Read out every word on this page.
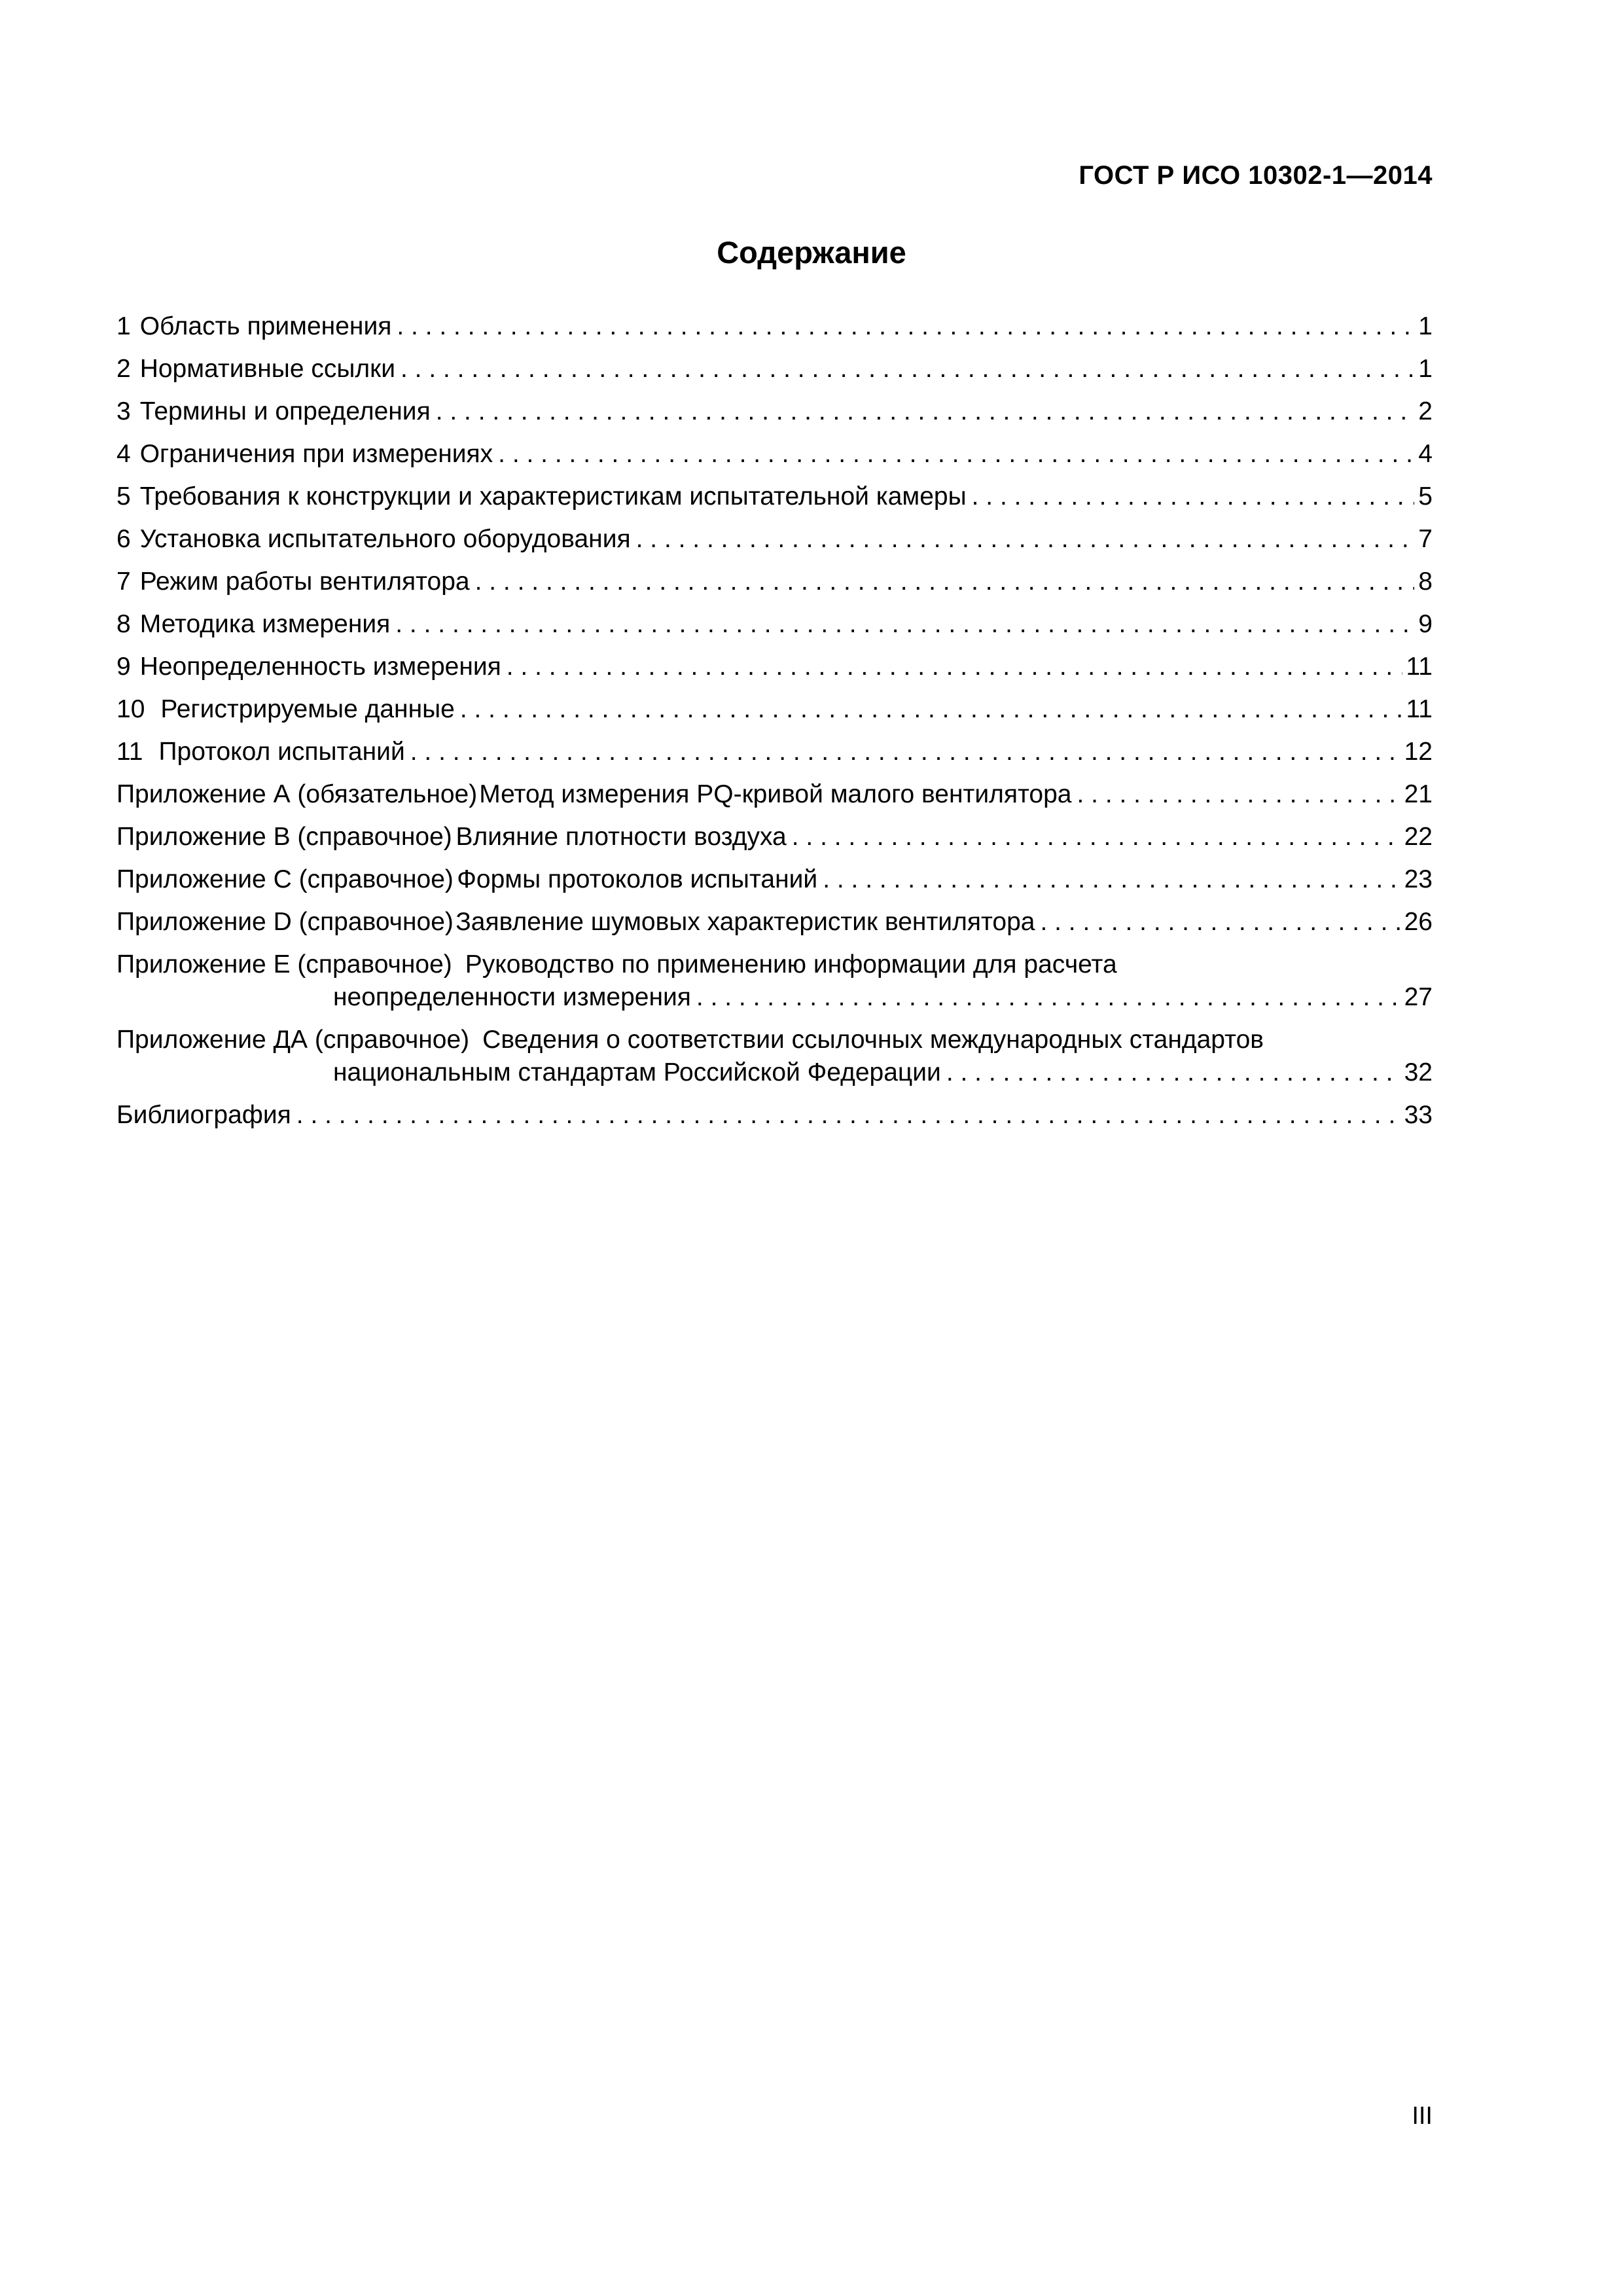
ГОСТ Р ИСО 10302-1—2014
Содержание
1 Область применения . . .	1
2 Нормативные ссылки . . .	1
3 Термины и определения . . .	2
4 Ограничения при измерениях . . .	4
5 Требования к конструкции и характеристикам испытательной камеры . . .	5
6 Установка испытательного оборудования . . .	7
7 Режим работы вентилятора . . .	8
8 Методика измерения . . .	9
9 Неопределенность измерения . . .	11
10 Регистрируемые данные . . .	11
11 Протокол испытаний . . .	12
Приложение А (обязательное) Метод измерения PQ-кривой малого вентилятора . . .	21
Приложение В (справочное) Влияние плотности воздуха . . .	22
Приложение С (справочное) Формы протоколов испытаний . . .	23
Приложение D (справочное) Заявление шумовых характеристик вентилятора . . .	26
Приложение Е (справочное) Руководство по применению информации для расчета
неопределенности измерения . . .	27
Приложение ДА (справочное) Сведения о соответствии ссылочных международных стандартов
национальным стандартам Российской Федерации . . .	32
Библиография . . .	33
III
